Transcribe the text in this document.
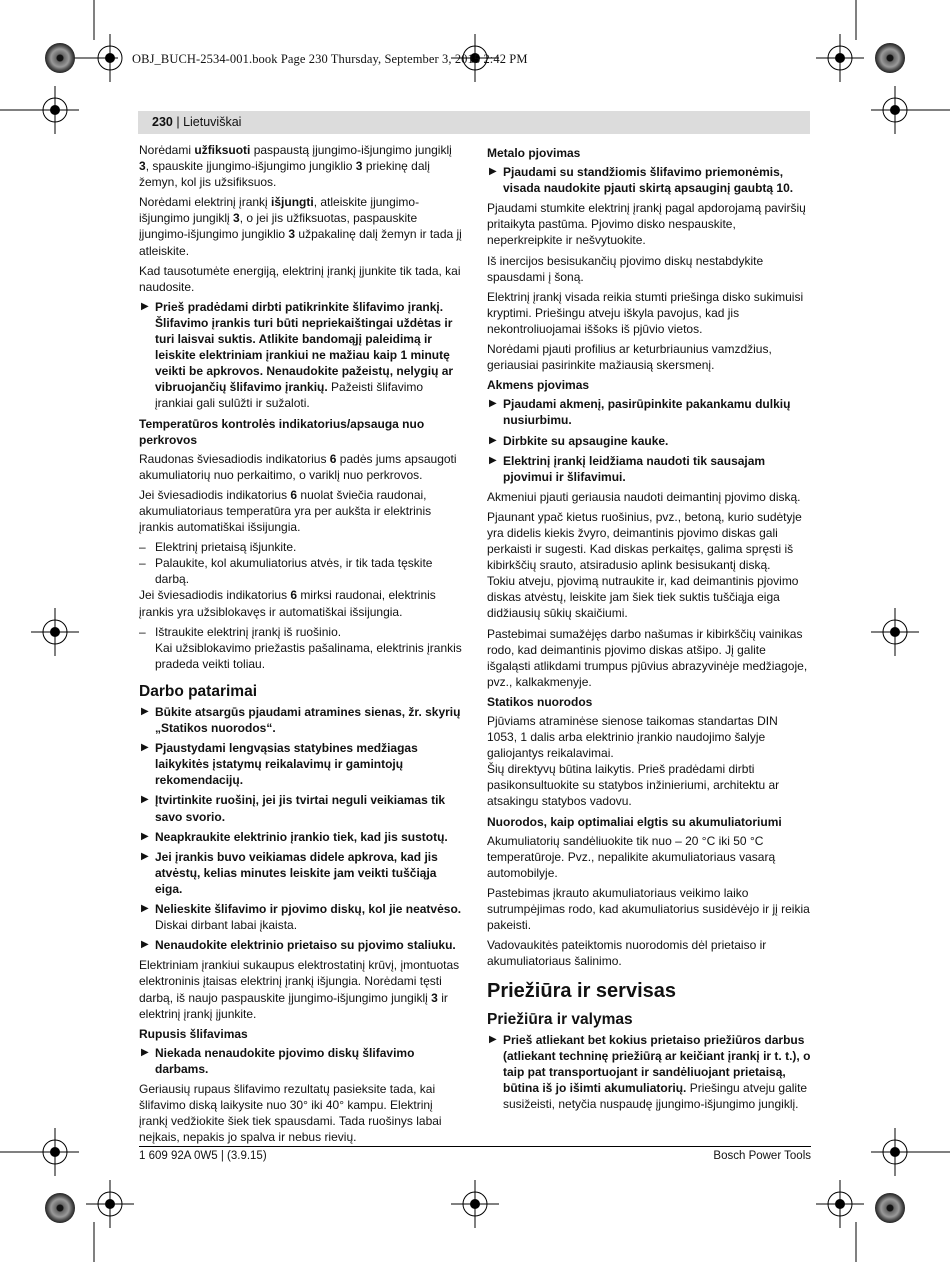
OBJ_BUCH-2534-001.book Page 230 Thursday, September 3, 2015 2:42 PM
230 | Lietuviškai

Norėdami užfiksuoti paspaustą įjungimo-išjungimo jungiklį 3, spauskite įjungimo-išjungimo jungiklio 3 priekinę dalį žemyn, kol jis užsifiksuos.

Norėdami elektrinį įrankį išjungti, atleiskite įjungimo-išjungimo jungiklį 3, o jei jis užfiksuotas, paspauskite įjungimo-išjungimo jungiklio 3 užpakalinę dalį žemyn ir tada jį atleiskite.

Kad tausotumėte energiją, elektrinį įrankį įjunkite tik tada, kai naudosite.

▶ Prieš pradėdami dirbti patikrinkite šlifavimo įrankį. Šlifavimo įrankis turi būti nepriekaištingai uždėtas ir turi laisvai suktis. Atlikite bandomąjį paleidimą ir leiskite elektriniam įrankiui ne mažiau kaip 1 minutę veikti be apkrovos. Nenaudokite pažeistų, nelygių ar vibruojančių šlifavimo įrankių. Pažeisti šlifavimo įrankiai gali sulūžti ir sužaloti.
Temperatūros kontrolės indikatorius/apsauga nuo perkrovos

Raudonas šviesadiodis indikatorius 6 padės jums apsaugoti akumuliatorių nuo perkaitimo, o variklį nuo perkrovos.

Jei šviesadiodis indikatorius 6 nuolat šviečia raudonai, akumuliatoriaus temperatūra yra per aukšta ir elektrinis įrankis automatiškai išsijungia.

– Elektrinį prietaisą išjunkite.
– Palaukite, kol akumuliatorius atvės, ir tik tada tęskite darbą.

Jei šviesadiodis indikatorius 6 mirksi raudonai, elektrinis įrankis yra užsiblokavęs ir automatiškai išsijungia.

– Ištraukite elektrinį įrankį iš ruošinio.
Kai užsiblokavimo priežastis pašalinama, elektrinis įrankis pradeda veikti toliau.
Darbo patarimai
▶ Būkite atsargūs pjaudami atramines sienas, žr. skyrių „Statikos nuorodos“.
▶ Pjaustydami lengvąsias statybines medžiagas laikykitės įstatymų reikalavimų ir gamintojų rekomendacijų.
▶ Įtvirtinkite ruošinį, jei jis tvirtai neguli veikiamas tik savo svorio.
▶ Neapkraukite elektrinio įrankio tiek, kad jis sustotų.
▶ Jei įrankis buvo veikiamas didele apkrova, kad jis atvėstų, kelias minutes leiskite jam veikti tuščiąja eiga.
▶ Nelieskite šlifavimo ir pjovimo diskų, kol jie neatvėso. Diskai dirbant labai įkaista.
▶ Nenaudokite elektrinio prietaiso su pjovimo staliuku.

Elektriniam įrankiui sukaupus elektrostatinį krūvį, įmontuotas elektroninis įtaisas elektrinį įrankį išjungia. Norėdami tęsti darbą, iš naujo paspauskite įjungimo-išjungimo jungiklį 3 ir elektrinį įrankį įjunkite.

Rupusis šlifavimas
▶ Niekada nenaudokite pjovimo diskų šlifavimo darbams.

Geriausių rupaus šlifavimo rezultatų pasieksite tada, kai šlifavimo diską laikysite nuo 30° iki 40° kampu. Elektrinį įrankį vedžiokite šiek tiek spausdami. Tada ruošinys labai neįkais, nepakis jo spalva ir nebus rievių.

Metalo pjovimas
▶ Pjaudami su standžiomis šlifavimo priemonėmis, visada naudokite pjauti skirtą apsauginį gaubtą 10.

Pjaudami stumkite elektrinį įrankį pagal apdorojamą paviršių pritaikyta pastūma. Pjovimo disko nespauskite, neperkreipkite ir nešvytuokite.

Iš inercijos besisukančių pjovimo diskų nestabdykite spausdami į šoną.

Elektrinį įrankį visada reikia stumti priešinga disko sukimuisi kryptimi. Priešingu atveju iškyla pavojus, kad jis nekontroliuojamai iššoks iš pjūvio vietos.

Norėdami pjauti profilius ar keturbriaunius vamzdžius, geriausiai pasirinkite mažiausią skersmenį.

Akmens pjovimas
▶ Pjaudami akmenį, pasirūpinkite pakankamu dulkių nusiurbimu.
▶ Dirbkite su apsaugine kauke.
▶ Elektrinį įrankį leidžiama naudoti tik sausajam pjovimui ir šlifavimui.

Akmeniui pjauti geriausia naudoti deimantinį pjovimo diską.

Pjaunant ypač kietus ruošinius, pvz., betoną, kurio sudėtyje yra didelis kiekis žvyro, deimantinis pjovimo diskas gali perkaisti ir sugesti. Kad diskas perkaitęs, galima spręsti iš kibirkščių srauto, atsiradusio aplink besisukantį diską.
Tokiu atveju, pjovimą nutraukite ir, kad deimantinis pjovimo diskas atvėstų, leiskite jam šiek tiek suktis tuščiąja eiga didžiausių sūkių skaičiumi.

Pastebimai sumažėjęs darbo našumas ir kibirkščių vainikas rodo, kad deimantinis pjovimo diskas atšipo. Jį galite išgaląsti atlikdami trumpus pjūvius abrazyvinėje medžiagoje, pvz., kalkakmenyje.

Statikos nuorodos

Pjūviams atraminėse sienose taikomas standartas DIN 1053, 1 dalis arba elektrinio įrankio naudojimo šalyje galiojantys reikalavimai.
Šių direktyvų būtina laikytis. Prieš pradėdami dirbti pasikonsultuokite su statybos inžinieriumi, architektu ar atsakingu statybos vadovu.

Nuorodos, kaip optimaliai elgtis su akumuliatoriumi

Akumuliatorių sandėliuokite tik nuo – 20 °C iki 50 °C temperatūroje. Pvz., nepalikite akumuliatoriaus vasarą automobilyje.

Pastebimas įkrauto akumuliatoriaus veikimo laiko sutrumpėjimas rodo, kad akumuliatorius susidėvėjo ir jį reikia pakeisti.

Vadovaukitės pateiktomis nuorodomis dėl prietaiso ir akumuliatoriaus šalinimo.

Priežiūra ir servisas
Priežiūra ir valymas
▶ Prieš atliekant bet kokius prietaiso priežiūros darbus (atliekant techninę priežiūrą ar keičiant įrankį ir t. t.), o taip pat transportuojant ir sandėliuojant prietaisą, būtina iš jo išimti akumuliatorių. Priešingu atveju galite susižeisti, netyčia nuspaudę įjungimo-išjungimo jungiklį.
1 609 92A 0W5 | (3.9.15)	Bosch Power Tools
